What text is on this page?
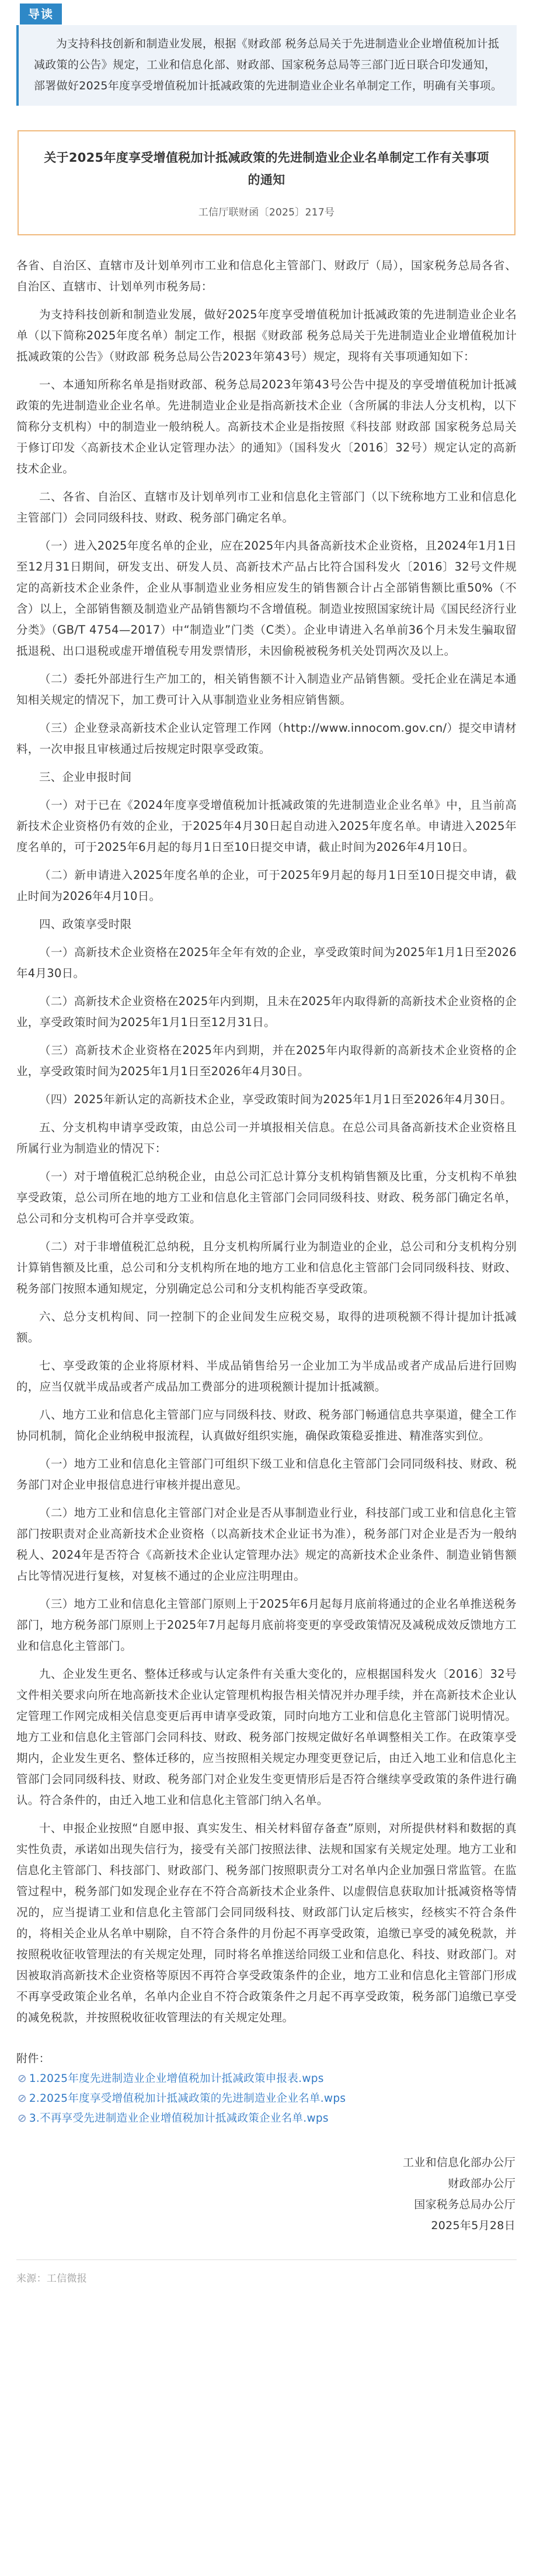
导读
为支持科技创新和制造业发展，根据《财政部 税务总局关于先进制造业企业增值税加计抵减政策的公告》规定，工业和信息化部、财政部、国家税务总局等三部门近日联合印发通知，部署做好2025年度享受增值税加计抵减政策的先进制造业企业名单制定工作，明确有关事项。
关于2025年度享受增值税加计抵减政策的先进制造业企业名单制定工作有关事项
的通知
工信厅联财函〔2025〕217号

各省、自治区、直辖市及计划单列市工业和信息化主管部门、财政厅（局），国家税务总局各省、自治区、直辖市、计划单列市税务局：

为支持科技创新和制造业发展，做好2025年度享受增值税加计抵减政策的先进制造业企业名单（以下简称2025年度名单）制定工作，根据《财政部 税务总局关于先进制造业企业增值税加计抵减政策的公告》（财政部 税务总局公告2023年第43号）规定，现将有关事项通知如下：

一、本通知所称名单是指财政部、税务总局2023年第43号公告中提及的享受增值税加计抵减政策的先进制造业企业名单。先进制造业企业是指高新技术企业（含所属的非法人分支机构，以下简称分支机构）中的制造业一般纳税人。高新技术企业是指按照《科技部 财政部 国家税务总局关于修订印发〈高新技术企业认定管理办法〉的通知》（国科发火〔2016〕32号）规定认定的高新技术企业。

二、各省、自治区、直辖市及计划单列市工业和信息化主管部门（以下统称地方工业和信息化主管部门）会同同级科技、财政、税务部门确定名单。

（一）进入2025年度名单的企业，应在2025年内具备高新技术企业资格，且2024年1月1日至12月31日期间，研发支出、研发人员、高新技术产品占比符合国科发火〔2016〕32号文件规定的高新技术企业条件，企业从事制造业业务相应发生的销售额合计占全部销售额比重50%（不含）以上，全部销售额及制造业产品销售额均不含增值税。制造业按照国家统计局《国民经济行业分类》（GB/T 4754—2017）中“制造业”门类（C类）。企业申请进入名单前36个月未发生骗取留抵退税、出口退税或虚开增值税专用发票情形，未因偷税被税务机关处罚两次及以上。

（二）委托外部进行生产加工的，相关销售额不计入制造业产品销售额。受托企业在满足本通知相关规定的情况下，加工费可计入从事制造业业务相应销售额。

（三）企业登录高新技术企业认定管理工作网（http://www.innocom.gov.cn/）提交申请材料，一次申报且审核通过后按规定时限享受政策。

三、企业申报时间

（一）对于已在《2024年度享受增值税加计抵减政策的先进制造业企业名单》中，且当前高新技术企业资格仍有效的企业，于2025年4月30日起自动进入2025年度名单。申请进入2025年度名单的，可于2025年6月起的每月1日至10日提交申请，截止时间为2026年4月10日。

（二）新申请进入2025年度名单的企业，可于2025年9月起的每月1日至10日提交申请，截止时间为2026年4月10日。

四、政策享受时限

（一）高新技术企业资格在2025年全年有效的企业，享受政策时间为2025年1月1日至2026年4月30日。

（二）高新技术企业资格在2025年内到期，且未在2025年内取得新的高新技术企业资格的企业，享受政策时间为2025年1月1日至12月31日。

（三）高新技术企业资格在2025年内到期，并在2025年内取得新的高新技术企业资格的企业，享受政策时间为2025年1月1日至2026年4月30日。

（四）2025年新认定的高新技术企业，享受政策时间为2025年1月1日至2026年4月30日。

五、分支机构申请享受政策，由总公司一并填报相关信息。在总公司具备高新技术企业资格且所属行业为制造业的情况下：

（一）对于增值税汇总纳税企业，由总公司汇总计算分支机构销售额及比重，分支机构不单独享受政策，总公司所在地的地方工业和信息化主管部门会同同级科技、财政、税务部门确定名单，总公司和分支机构可合并享受政策。

（二）对于非增值税汇总纳税，且分支机构所属行业为制造业的企业，总公司和分支机构分别计算销售额及比重，总公司和分支机构所在地的地方工业和信息化主管部门会同同级科技、财政、税务部门按照本通知规定，分别确定总公司和分支机构能否享受政策。

六、总分支机构间、同一控制下的企业间发生应税交易，取得的进项税额不得计提加计抵减额。

七、享受政策的企业将原材料、半成品销售给另一企业加工为半成品或者产成品后进行回购的，应当仅就半成品或者产成品加工费部分的进项税额计提加计抵减额。

八、地方工业和信息化主管部门应与同级科技、财政、税务部门畅通信息共享渠道，健全工作协同机制，简化企业纳税申报流程，认真做好组织实施，确保政策稳妥推进、精准落实到位。

（一）地方工业和信息化主管部门可组织下级工业和信息化主管部门会同同级科技、财政、税务部门对企业申报信息进行审核并提出意见。

（二）地方工业和信息化主管部门对企业是否从事制造业行业，科技部门或工业和信息化主管部门按职责对企业高新技术企业资格（以高新技术企业证书为准），税务部门对企业是否为一般纳税人、2024年是否符合《高新技术企业认定管理办法》规定的高新技术企业条件、制造业销售额占比等情况进行复核，对复核不通过的企业应注明理由。

（三）地方工业和信息化主管部门原则上于2025年6月起每月底前将通过的企业名单推送税务部门，地方税务部门原则上于2025年7月起每月底前将变更的享受政策情况及减税成效反馈地方工业和信息化主管部门。

九、企业发生更名、整体迁移或与认定条件有关重大变化的，应根据国科发火〔2016〕32号文件相关要求向所在地高新技术企业认定管理机构报告相关情况并办理手续，并在高新技术企业认定管理工作网完成相关信息变更后再申请享受政策，同时向地方工业和信息化主管部门说明情况。地方工业和信息化主管部门会同科技、财政、税务部门按规定做好名单调整相关工作。在政策享受期内，企业发生更名、整体迁移的，应当按照相关规定办理变更登记后，由迁入地工业和信息化主管部门会同同级科技、财政、税务部门对企业发生变更情形后是否符合继续享受政策的条件进行确认。符合条件的，由迁入地工业和信息化主管部门纳入名单。

十、申报企业按照“自愿申报、真实发生、相关材料留存备查”原则，对所提供材料和数据的真实性负责，承诺如出现失信行为，接受有关部门按照法律、法规和国家有关规定处理。地方工业和信息化主管部门、科技部门、财政部门、税务部门按照职责分工对名单内企业加强日常监管。在监管过程中，税务部门如发现企业存在不符合高新技术企业条件、以虚假信息获取加计抵减资格等情况的，应当提请工业和信息化主管部门会同同级科技、财政部门认定后核实，经核实不符合条件的，将相关企业从名单中剔除，自不符合条件的月份起不再享受政策，追缴已享受的减免税款，并按照税收征收管理法的有关规定处理，同时将名单推送给同级工业和信息化、科技、财政部门。对因被取消高新技术企业资格等原因不再符合享受政策条件的企业，地方工业和信息化主管部门形成不再享受政策企业名单，名单内企业自不符合政策条件之月起不再享受政策，税务部门追缴已享受的减免税款，并按照税收征收管理法的有关规定处理。

附件：
⊘ 1.2025年度先进制造业企业增值税加计抵减政策申报表.wps
⊘ 2.2025年度享受增值税加计抵减政策的先进制造业企业名单.wps
⊘ 3.不再享受先进制造业企业增值税加计抵减政策企业名单.wps
工业和信息化部办公厅
财政部办公厅
国家税务总局办公厅
2025年5月28日
来源：工信微报
